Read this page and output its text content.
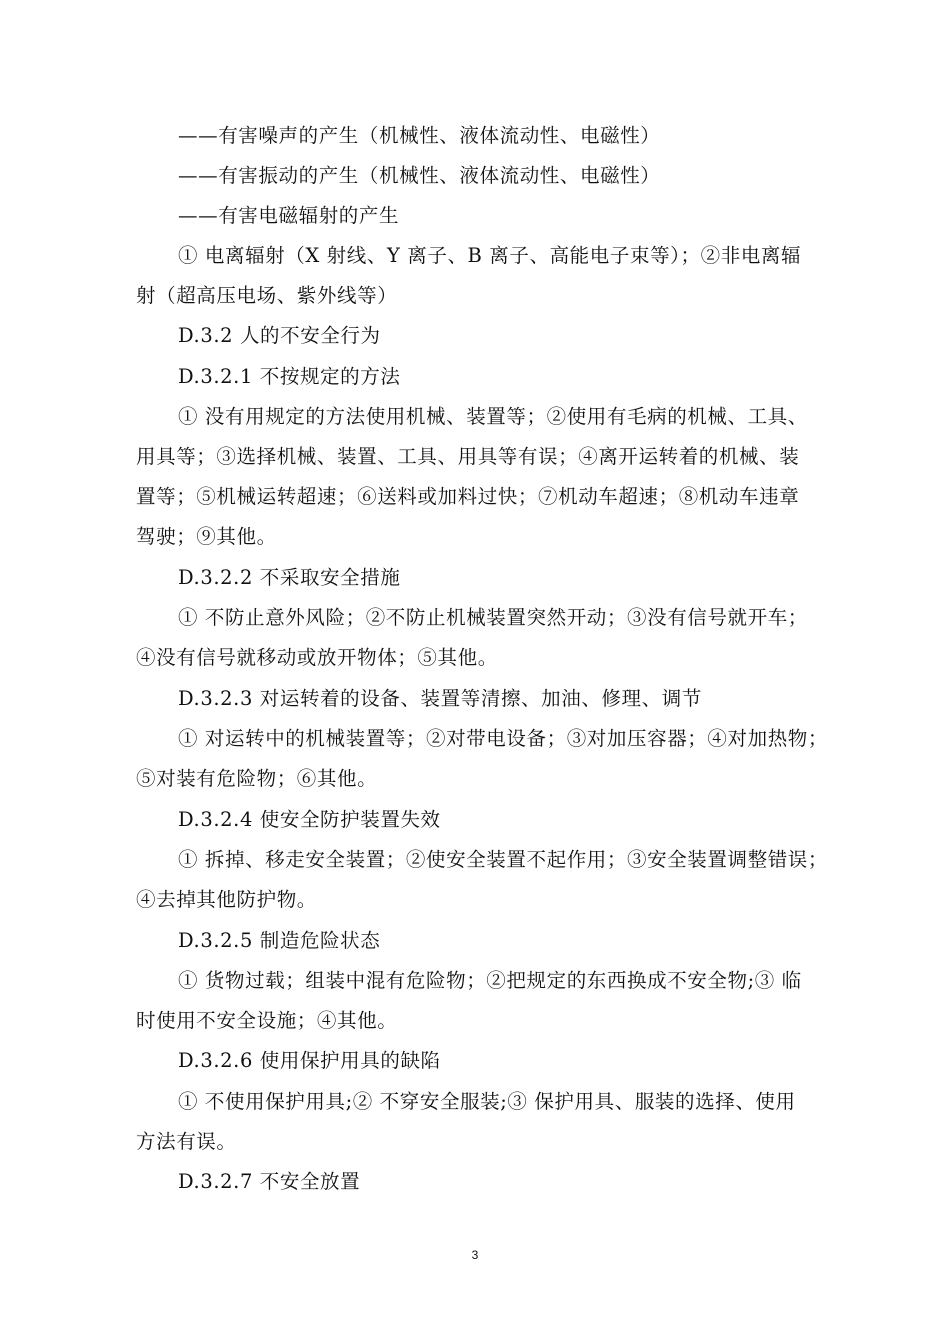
——有害噪声的产生（机械性、液体流动性、电磁性）
——有害振动的产生（机械性、液体流动性、电磁性）
——有害电磁辐射的产生
① 电离辐射（X 射线、Y 离子、B 离子、高能电子束等）；②非电离辐
射（超高压电场、紫外线等）
D.3.2 人的不安全行为
D.3.2.1 不按规定的方法
① 没有用规定的方法使用机械、装置等；②使用有毛病的机械、工具、
用具等；③选择机械、装置、工具、用具等有误；④离开运转着的机械、装
置等；⑤机械运转超速；⑥送料或加料过快；⑦机动车超速；⑧机动车违章
驾驶；⑨其他。
D.3.2.2 不采取安全措施
① 不防止意外风险；②不防止机械装置突然开动；③没有信号就开车；
④没有信号就移动或放开物体；⑤其他。
D.3.2.3 对运转着的设备、装置等清擦、加油、修理、调节
① 对运转中的机械装置等；②对带电设备；③对加压容器；④对加热物；
⑤对装有危险物；⑥其他。
D.3.2.4 使安全防护装置失效
① 拆掉、移走安全装置；②使安全装置不起作用；③安全装置调整错误；
④去掉其他防护物。
D.3.2.5 制造危险状态
① 货物过载；组装中混有危险物；②把规定的东西换成不安全物;③ 临
时使用不安全设施；④其他。
D.3.2.6 使用保护用具的缺陷
① 不使用保护用具;② 不穿安全服装;③ 保护用具、服装的选择、使用
方法有误。
D.3.2.7 不安全放置
3
